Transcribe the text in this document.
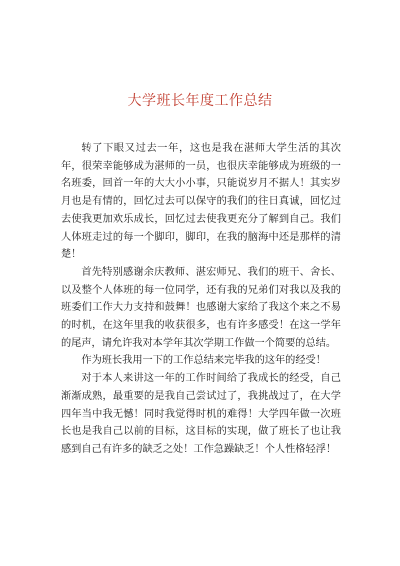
大学班长年度工作总结

转了下眼又过去一年，这也是我在湛师大学生活的其次年，很荣幸能够成为湛师的一员，也很庆幸能够成为班级的一名班委，回首一年的大大小小事，只能说岁月不据人！其实岁月也是有情的，回忆过去可以保守的我们的往日真诚，回忆过去使我更加欢乐成长，回忆过去使我更充分了解到自己。我们人体班走过的每一个脚印，脚印，在我的脑海中还是那样的清楚！

首先特别感谢余庆教师、湛宏师兄、我们的班干、舍长、以及整个人体班的每一位同学，还有我的兄弟们对我以及我的班委们工作大力支持和鼓舞！也感谢大家给了我这个来之不易的时机，在这年里我的收获很多，也有许多感受！在这一学年的尾声，请允许我对本学年其次学期工作做一个简要的总结。

作为班长我用一下的工作总结来完毕我的这年的经受！

对于本人来讲这一年的工作时间给了我成长的经受，自己渐渐成熟，最重要的是我自己尝试过了，我挑战过了，在大学四年当中我无憾！同时我觉得时机的难得！大学四年做一次班长也是我自己以前的目标，这目标的实现，做了班长了也让我感到自己有许多的缺乏之处！工作急躁缺乏！个人性格轻浮！
